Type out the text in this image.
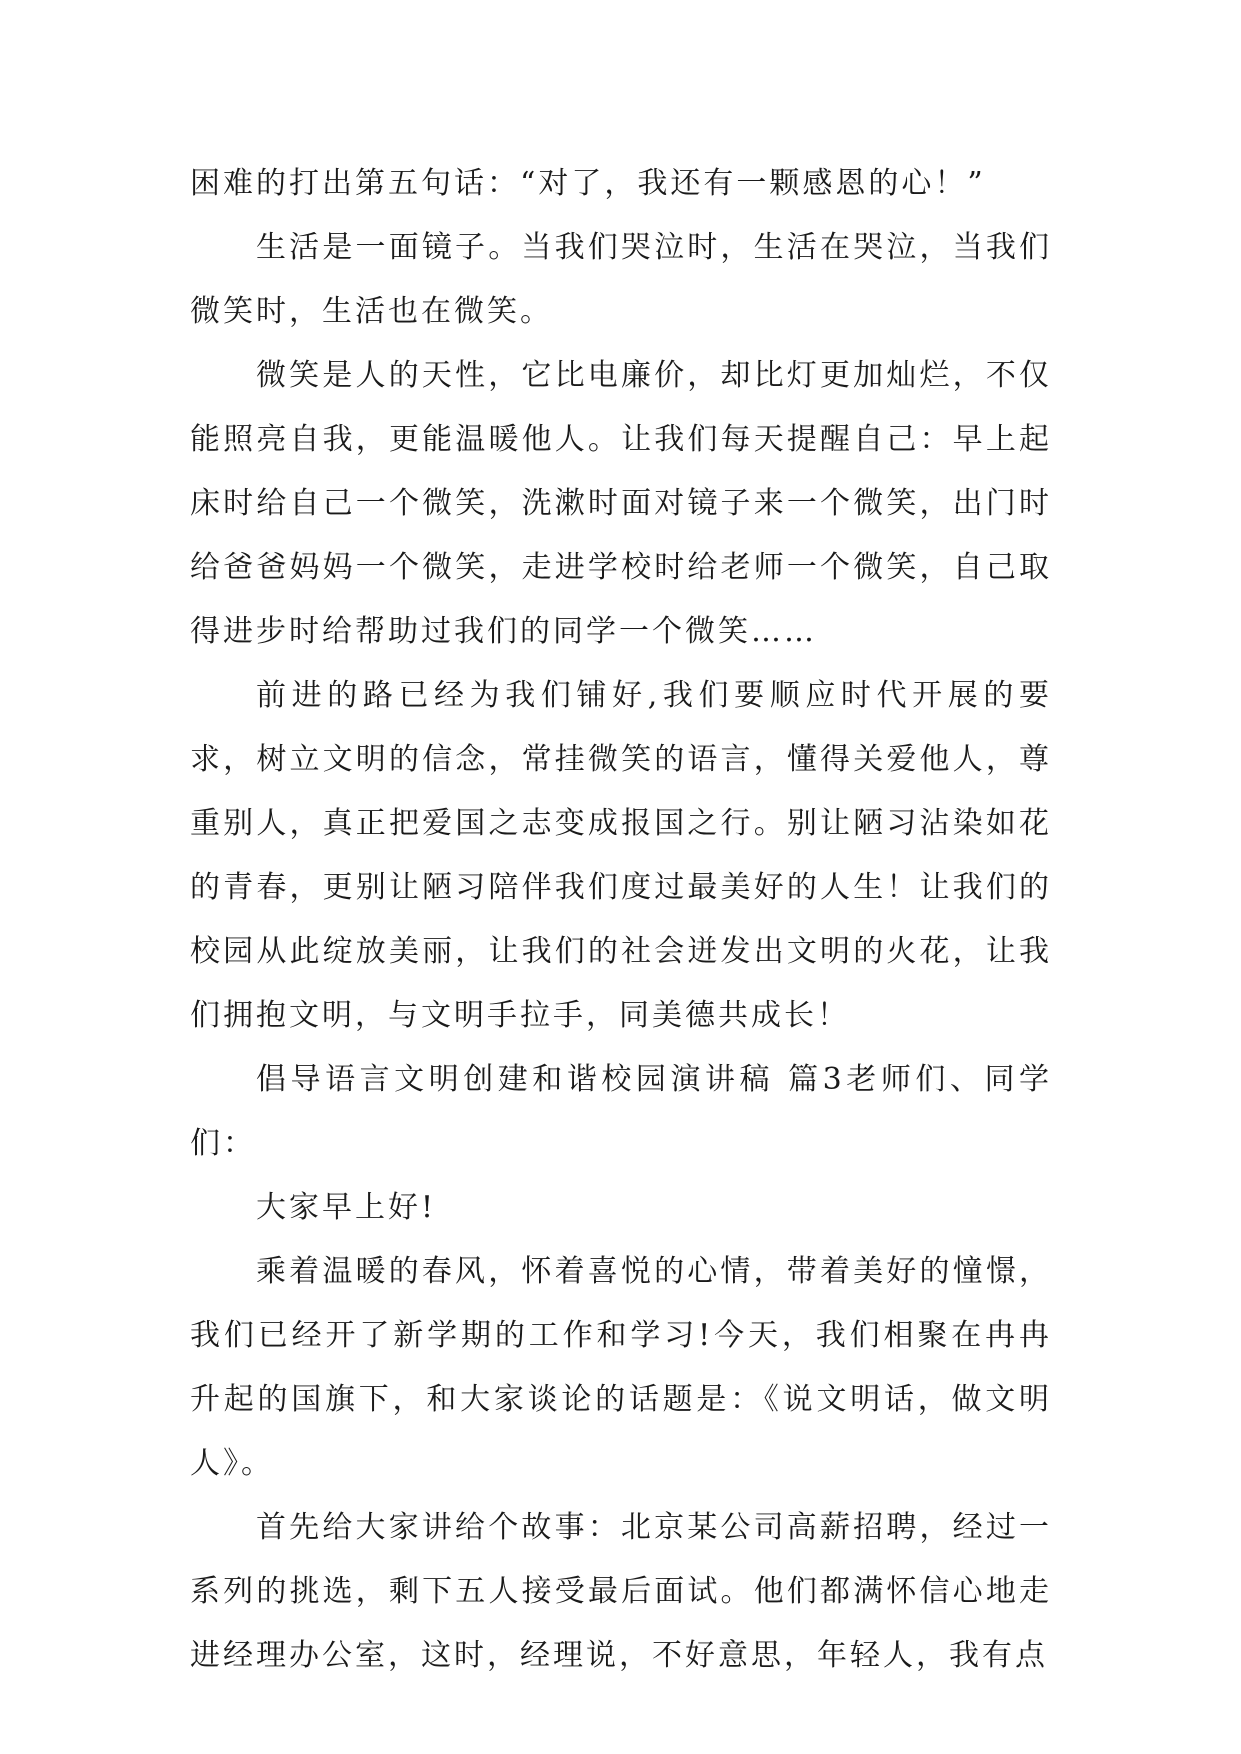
困难的打出第五句话：“对了，我还有一颗感恩的心！”

生活是一面镜子。当我们哭泣时，生活在哭泣，当我们微笑时，生活也在微笑。

微笑是人的天性，它比电廉价，却比灯更加灿烂，不仅能照亮自我，更能温暖他人。让我们每天提醒自己：早上起床时给自己一个微笑，洗漱时面对镜子来一个微笑，出门时给爸爸妈妈一个微笑，走进学校时给老师一个微笑，自己取得进步时给帮助过我们的同学一个微笑……

前进的路已经为我们铺好,我们要顺应时代开展的要求，树立文明的信念，常挂微笑的语言，懂得关爱他人，尊重别人，真正把爱国之志变成报国之行。别让陋习沾染如花的青春，更别让陋习陪伴我们度过最美好的人生！让我们的校园从此绽放美丽，让我们的社会迸发出文明的火花，让我们拥抱文明，与文明手拉手，同美德共成长！

倡导语言文明创建和谐校园演讲稿 篇3老师们、同学们：

大家早上好!

乘着温暖的春风，怀着喜悦的心情，带着美好的憧憬，我们已经开了新学期的工作和学习!今天，我们相聚在冉冉升起的国旗下，和大家谈论的话题是：《说文明话，做文明人》。

首先给大家讲给个故事：北京某公司高薪招聘，经过一系列的挑选，剩下五人接受最后面试。他们都满怀信心地走进经理办公室，这时，经理说，不好意思，年轻人，我有点
